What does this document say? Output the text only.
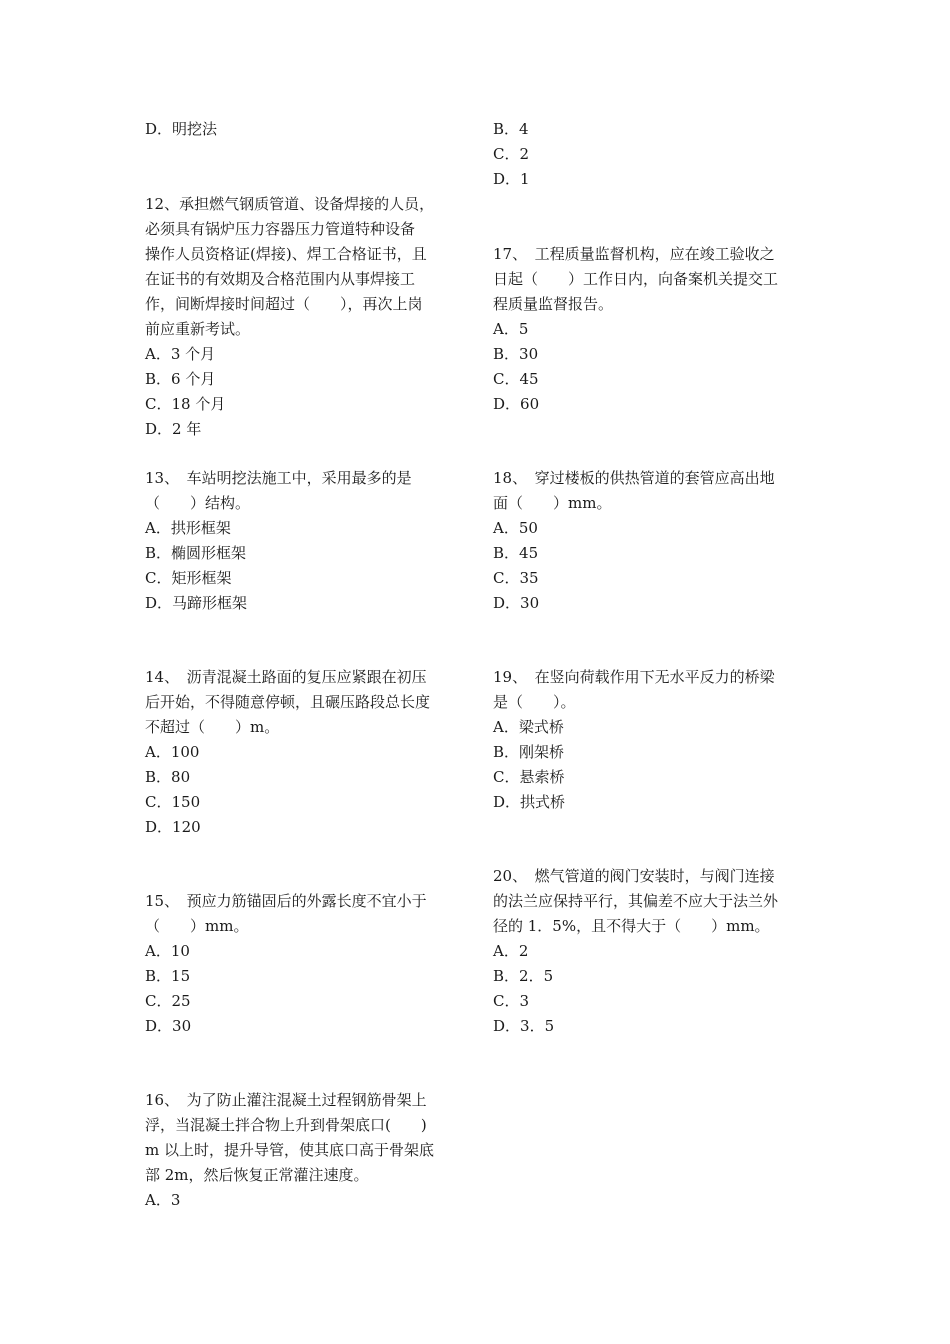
D．明挖法
12、承担燃气钢质管道、设备焊接的人员，
必须具有锅炉压力容器压力管道特种设备
操作人员资格证(焊接)、焊工合格证书，且
在证书的有效期及合格范围内从事焊接工
作，间断焊接时间超过（　　），再次上岗
前应重新考试。
A．3 个月
B．6 个月
C．18 个月
D．2 年
13、　车站明挖法施工中，采用最多的是
（　　）结构。
A．拱形框架
B．椭圆形框架
C．矩形框架
D．马蹄形框架
14、　沥青混凝土路面的复压应紧跟在初压
后开始，不得随意停顿，且碾压路段总长度
不超过（　　）m。
A．100
B．80
C．150
D．120
15、　预应力筋锚固后的外露长度不宜小于
（　　）mm。
A．10
B．15
C．25
D．30
16、　为了防止灌注混凝土过程钢筋骨架上
浮，当混凝土拌合物上升到骨架底口(　　)
m 以上时，提升导管，使其底口高于骨架底
部 2m，然后恢复正常灌注速度。
A．3
B．4
C．2
D．1
17、　工程质量监督机构，应在竣工验收之
日起（　　）工作日内，向备案机关提交工
程质量监督报告。
A．5
B．30
C．45
D．60
18、　穿过楼板的供热管道的套管应高出地
面（　　）mm。
A．50
B．45
C．35
D．30
19、　在竖向荷载作用下无水平反力的桥梁
是（　　）。
A．梁式桥
B．刚架桥
C．悬索桥
D．拱式桥
20、　燃气管道的阀门安装时，与阀门连接
的法兰应保持平行，其偏差不应大于法兰外
径的 1．5%，且不得大于（　　）mm。
A．2
B．2．5
C．3
D．3．5
